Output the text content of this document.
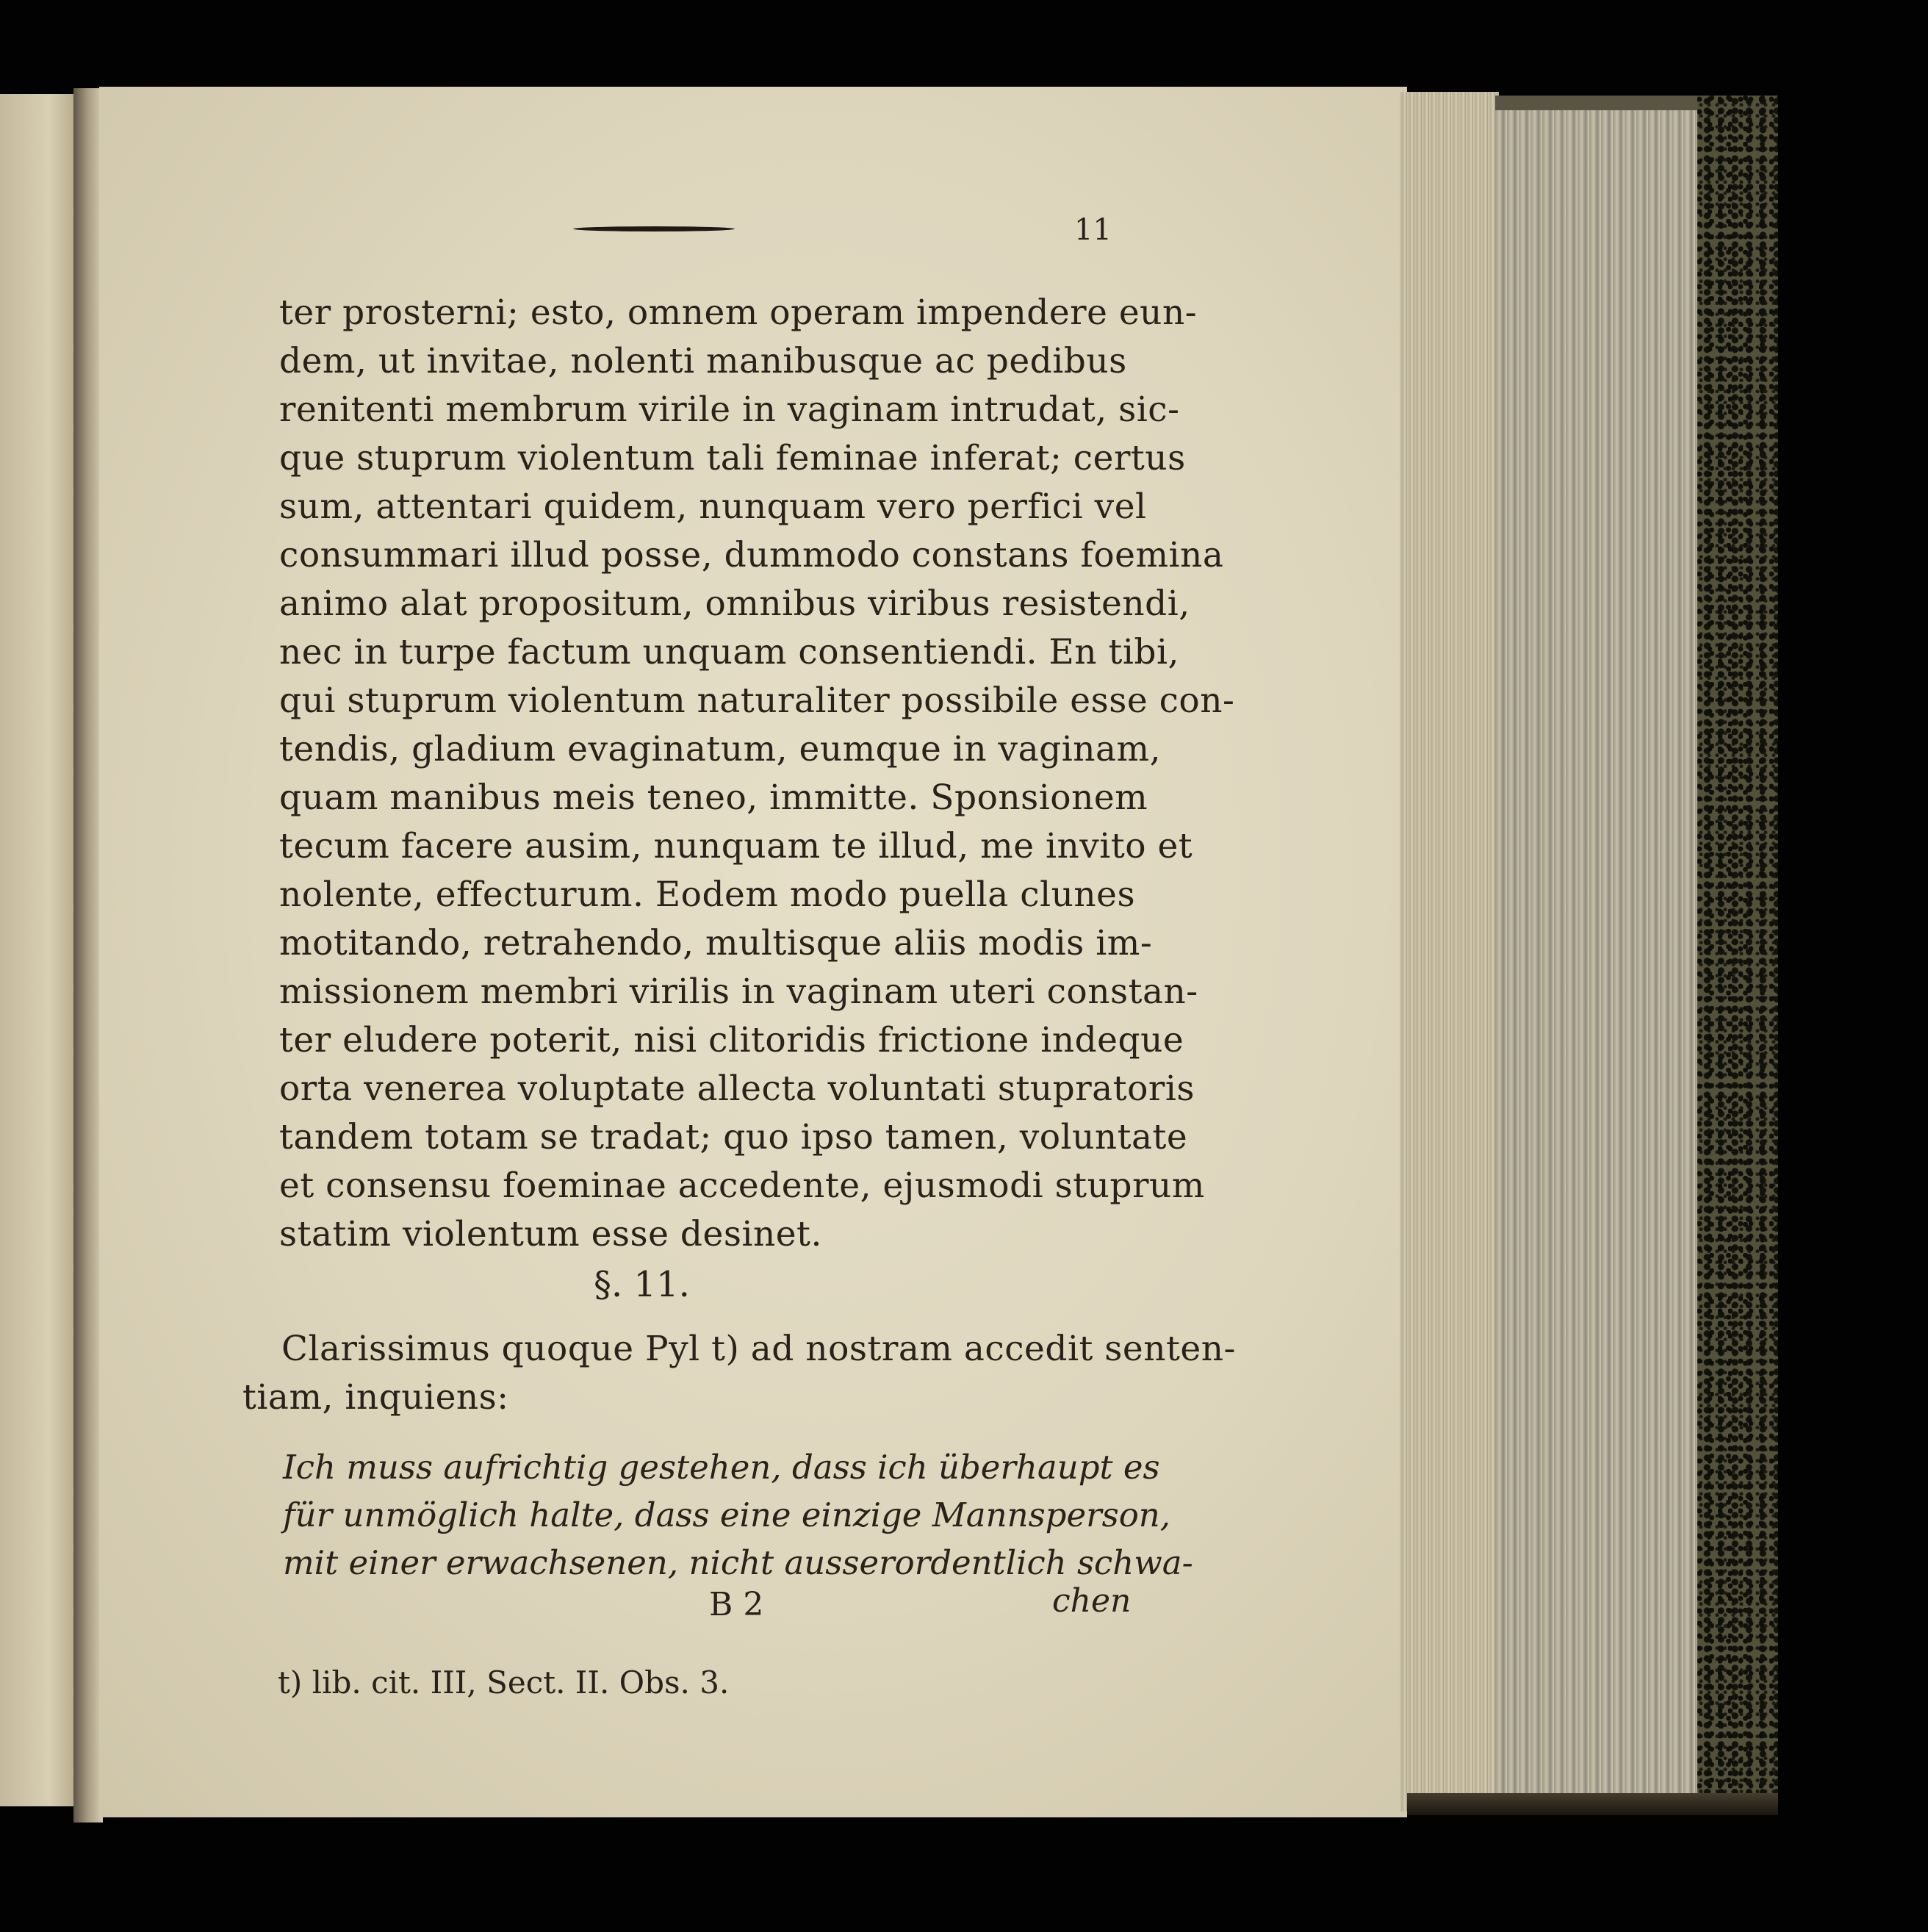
11
ter prosterni; esto, omnem operam impendere eun-
dem, ut invitae, nolenti manibusque ac pedibus
renitenti membrum virile in vaginam intrudat, sic-
que stuprum violentum tali feminae inferat; certus
sum, attentari quidem, nunquam vero perfici vel
consummari illud posse, dummodo constans foemina
animo alat propositum, omnibus viribus resistendi,
nec in turpe factum unquam consentiendi. En tibi,
qui stuprum violentum naturaliter possibile esse con-
tendis, gladium evaginatum, eumque in vaginam,
quam manibus meis teneo, immitte. Sponsionem
tecum facere ausim, nunquam te illud, me invito et
nolente, effecturum. Eodem modo puella clunes
motitando, retrahendo, multisque aliis modis im-
missionem membri virilis in vaginam uteri constan-
ter eludere poterit, nisi clitoridis frictione indeque
orta venerea voluptate allecta voluntati stupratoris
tandem totam se tradat; quo ipso tamen, voluntate
et consensu foeminae accedente, ejusmodi stuprum
statim violentum esse desinet.
§. 11.
Clarissimus quoque Pyl t) ad nostram accedit senten-
tiam, inquiens:
Ich muss aufrichtig gestehen, dass ich überhaupt es
für unmöglich halte, dass eine einzige Mannsperson,
mit einer erwachsenen, nicht ausserordentlich schwa-
B 2	chen
t) lib. cit. III, Sect. II. Obs. 3.
